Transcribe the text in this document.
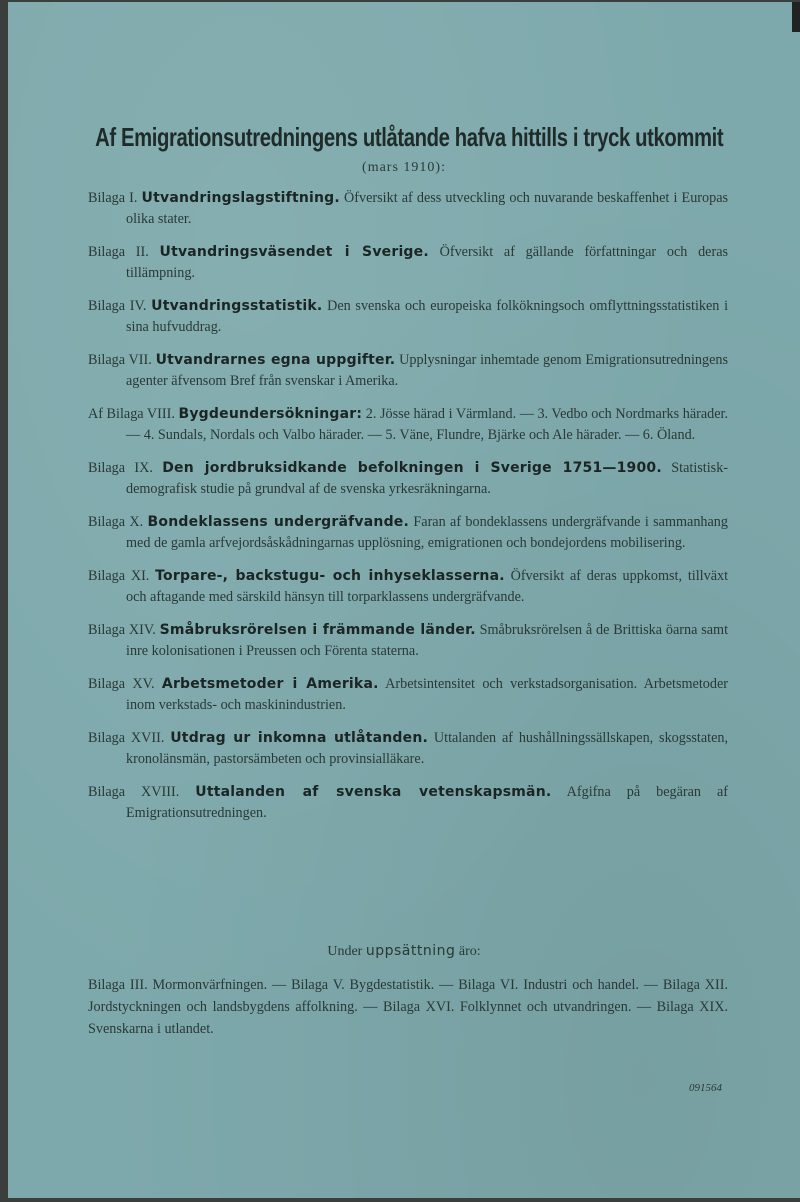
Af Emigrationsutredningens utlåtande hafva hittills i tryck utkommit
(mars 1910):
Bilaga I. Utvandringslagstiftning. Öfversikt af dess utveckling och nuvarande beskaffenhet i Europas olika stater.
Bilaga II. Utvandringsväsendet i Sverige. Öfversikt af gällande författningar och deras tillämpning.
Bilaga IV. Utvandringsstatistik. Den svenska och europeiska folkökningsoch omflyttningsstatistiken i sina hufvuddrag.
Bilaga VII. Utvandrarnes egna uppgifter. Upplysningar inhemtade genom Emigrationsutredningens agenter äfvensom Bref från svenskar i Amerika.
Af Bilaga VIII. Bygdeundersökningar: 2. Jösse härad i Värmland. — 3. Vedbo och Nordmarks härader. — 4. Sundals, Nordals och Valbo härader. — 5. Väne, Flundre, Bjärke och Ale härader. — 6. Öland.
Bilaga IX. Den jordbruksidkande befolkningen i Sverige 1751—1900. Statistisk-demografisk studie på grundval af de svenska yrkesräkningarna.
Bilaga X. Bondeklassens undergräfvande. Faran af bondeklassens undergräfvande i sammanhang med de gamla arfvejordsåskådningarnas upplösning, emigrationen och bondejordens mobilisering.
Bilaga XI. Torpare-, backstugu- och inhyseklasserna. Öfversikt af deras uppkomst, tillväxt och aftagande med särskild hänsyn till torparklassens undergräfvande.
Bilaga XIV. Småbruksrörelsen i främmande länder. Småbruksrörelsen å de Brittiska öarna samt inre kolonisationen i Preussen och Förenta staterna.
Bilaga XV. Arbetsmetoder i Amerika. Arbetsintensitet och verkstadsorganisation. Arbetsmetoder inom verkstads- och maskinindustrien.
Bilaga XVII. Utdrag ur inkomna utlåtanden. Uttalanden af hushållningssällskapen, skogsstaten, kronolänsmän, pastorsämbeten och provinsialläkare.
Bilaga XVIII. Uttalanden af svenska vetenskapsmän. Afgifna på begäran af Emigrationsutredningen.
Under uppsättning äro:
Bilaga III. Mormonvärfningen. — Bilaga V. Bygdestatistik. — Bilaga VI. Industri och handel. — Bilaga XII. Jordstyckningen och landsbygdens affolkning. — Bilaga XVI. Folklynnet och utvandringen. — Bilaga XIX. Svenskarna i utlandet.
091564
